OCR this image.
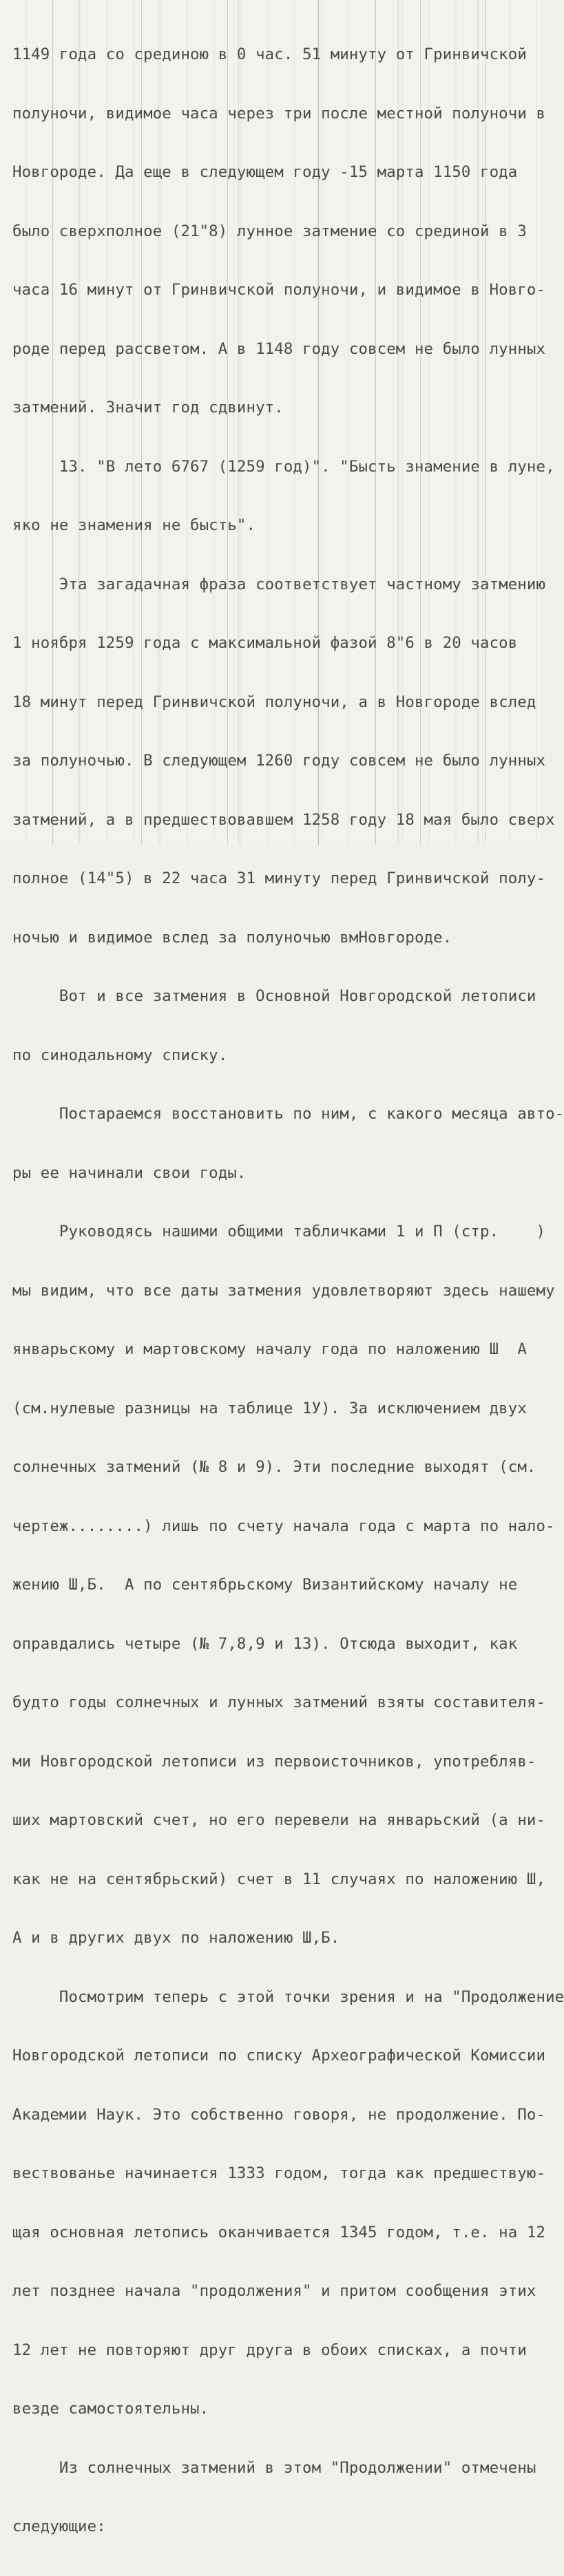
1149 года со срединою в 0 час. 51 минуту от Гринвичской

полуночи, видимое часа через три после местной полуночи в

Новгороде. Да еще в следующем году -15 марта 1150 года

было сверхполное (21"8) лунное затмение со срединой в 3

часа 16 минут от Гринвичской полуночи, и видимое в Новго-

роде перед рассветом. А в 1148 году совсем не было лунных

затмений. Значит год сдвинут.

13. "В лето 6767 (1259 год)". "Бысть знамение в луне,

яко не знамения не бысть".

Эта загадачная фраза соответствует частному затмению

1 ноября 1259 года с максимальной фазой 8"6 в 20 часов

18 минут перед Гринвичской полуночи, а в Новгороде вслед

за полуночью. В следующем 1260 году совсем не было лунных

затмений, а в предшествовавшем 1258 году 18 мая было сверх

полное (14"5) в 22 часа 31 минуту перед Гринвичской полу-

ночью и видимое вслед за полуночью вмНовгороде.

Вот и все затмения в Основной Новгородской летописи

по синодальному списку.

Постараемся восстановить по ним, с какого месяца авто-

ры ее начинали свои годы.

Руководясь нашими общими табличками 1 и П (стр.    )

мы видим, что все даты затмения удовлетворяют здесь нашему

январьскому и мартовскому началу года по наложению Ш  А

(см.нулевые разницы на таблице 1У). За исключением двух

солнечных затмений (№ 8 и 9). Эти последние выходят (см.

чертеж........) лишь по счету начала года с марта по нало-

жению Ш,Б.  А по сентябрьскому Византийскому началу не

оправдались четыре (№ 7,8,9 и 13). Отсюда выходит, как

будто годы солнечных и лунных затмений взяты составителя-

ми Новгородской летописи из первоисточников, употребляв-

ших мартовский счет, но его перевели на январьский (а ни-

как не на сентябрьский) счет в 11 случаях по наложению Ш,

А и в других двух по наложению Ш,Б.

Посмотрим теперь с этой точки зрения и на "Продолжение

Новгородской летописи по списку Археографической Комиссии

Академии Наук. Это собственно говоря, не продолжение. По-

вествованье начинается 1333 годом, тогда как предшествую-

щая основная летопись оканчивается 1345 годом, т.е. на 12

лет позднее начала "продолжения" и притом сообщения этих

12 лет не повторяют друг друга в обоих списках, а почти

везде самостоятельны.

Из солнечных затмений в этом "Продолжении" отмечены

следующие:
